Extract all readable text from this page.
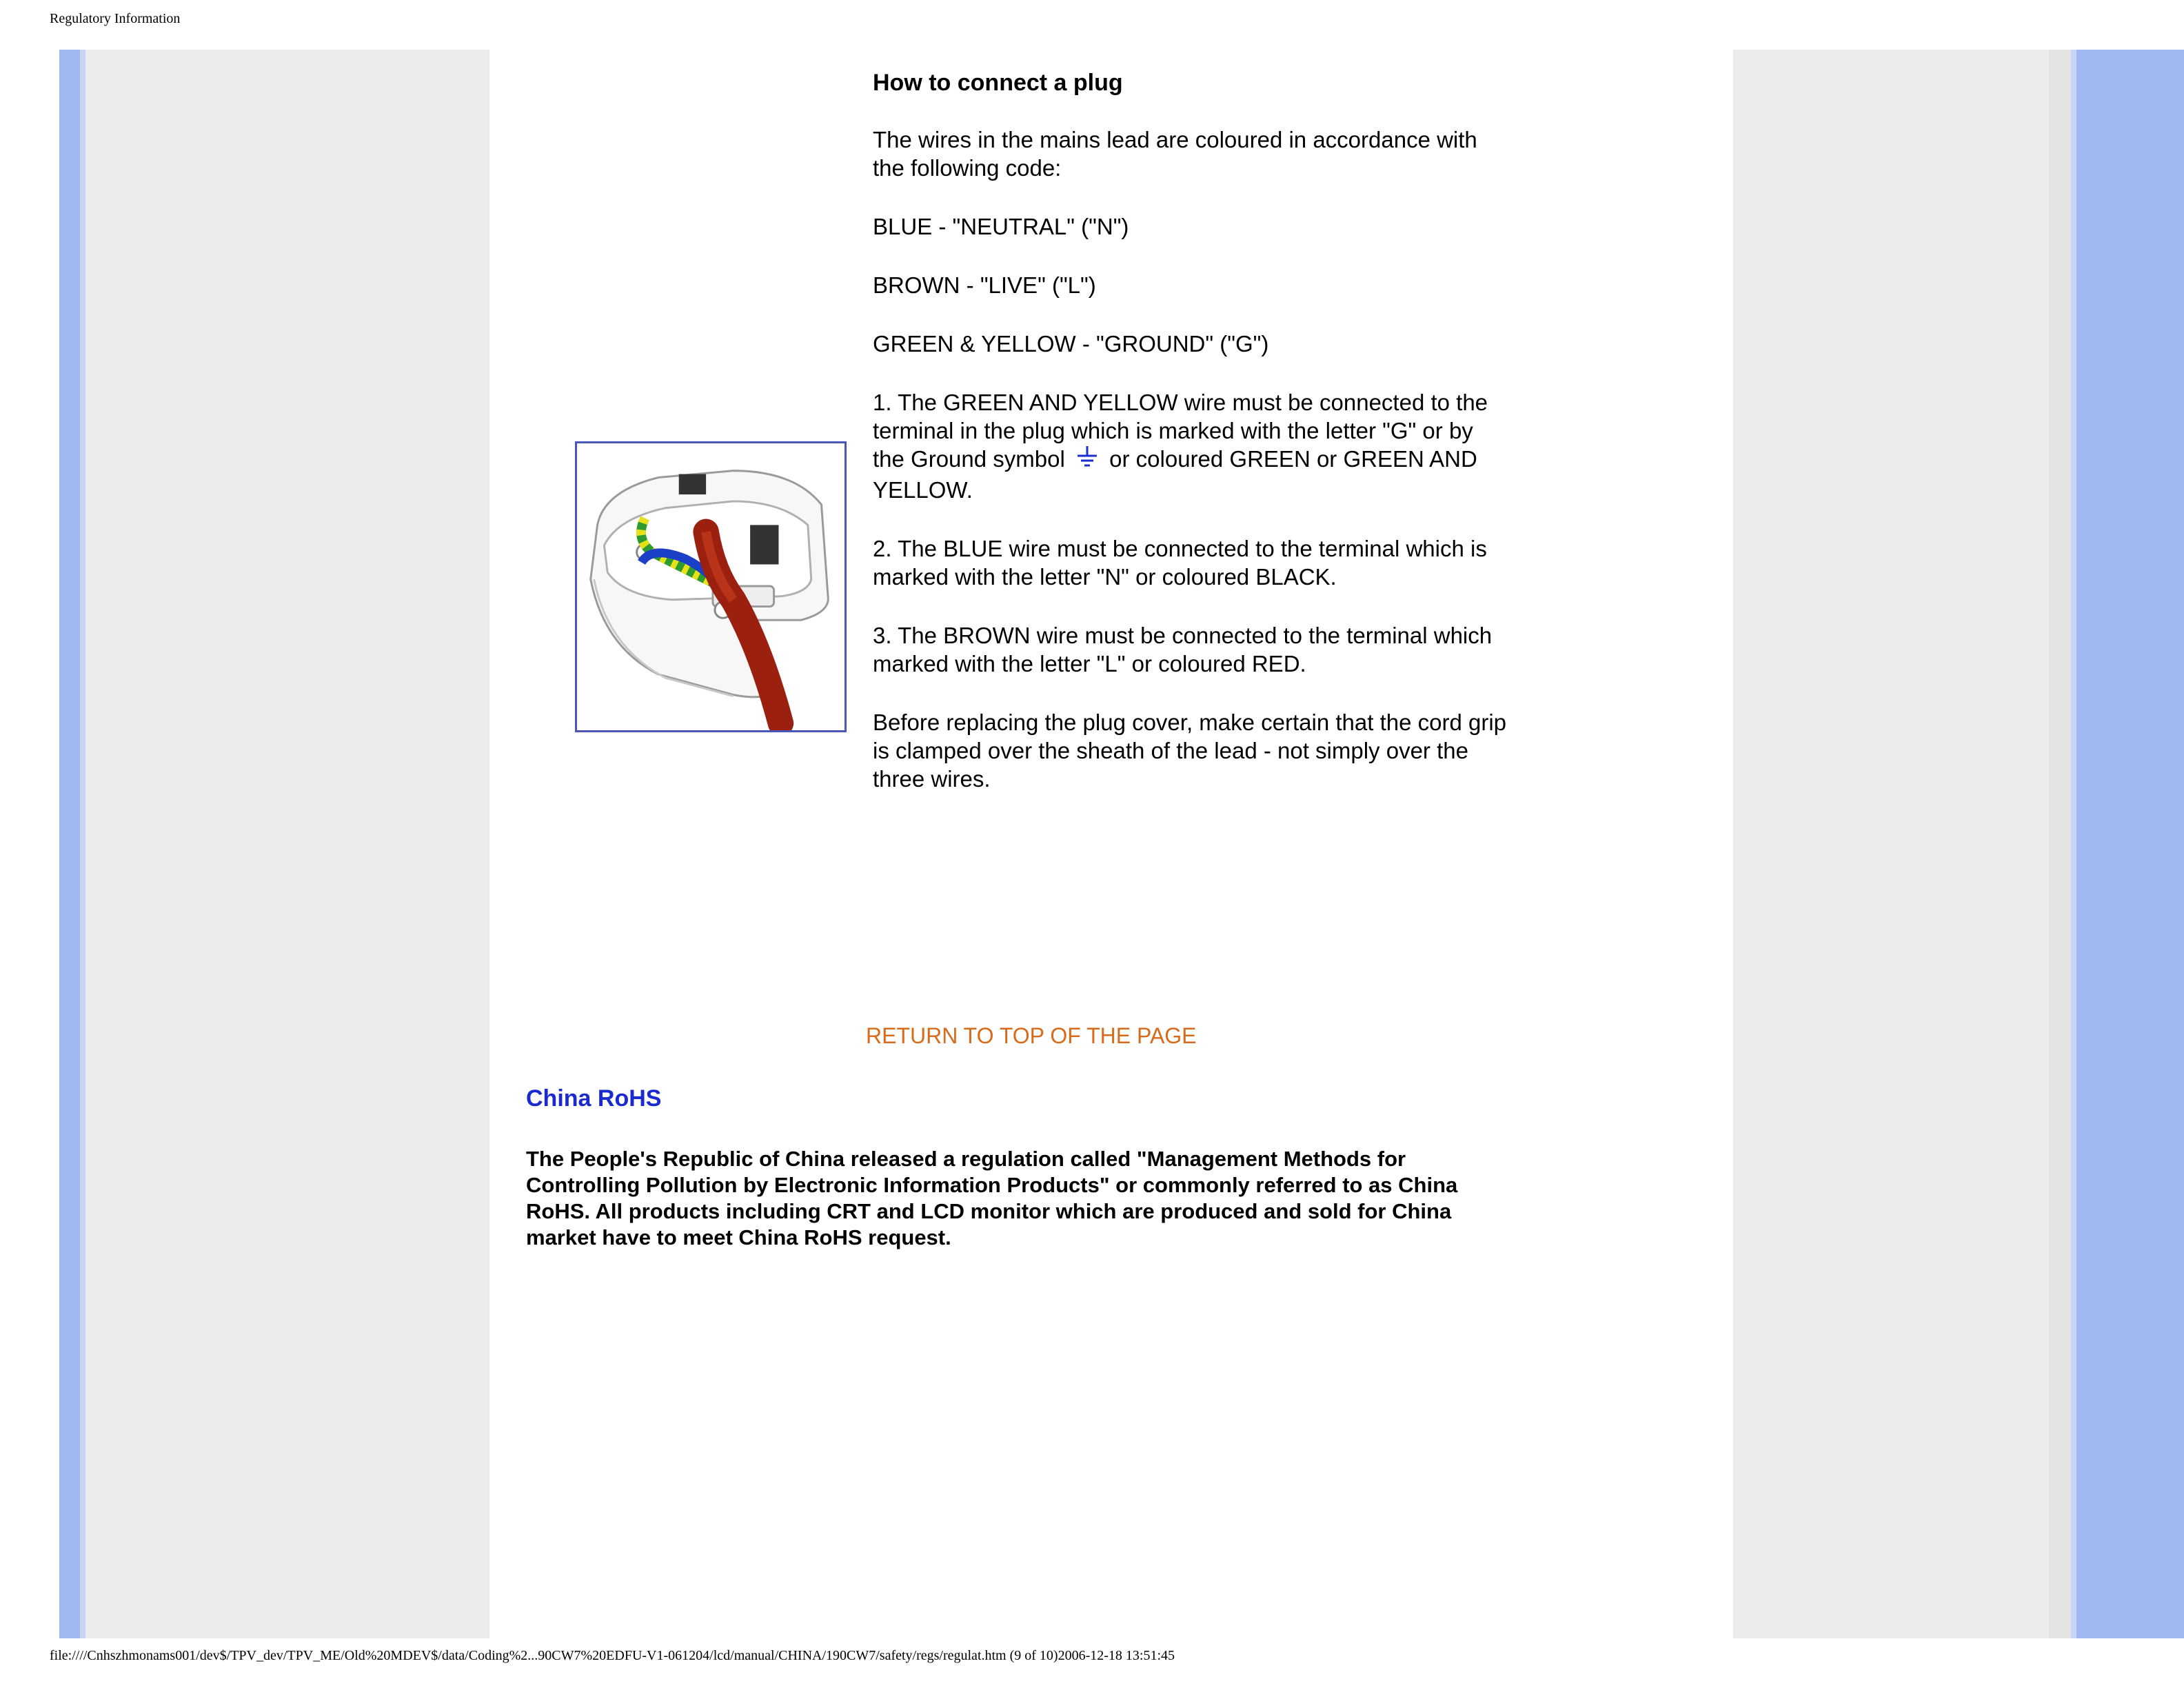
Regulatory Information
How to connect a plug

The wires in the mains lead are coloured in accordance with the following code:

BLUE - "NEUTRAL" ("N")

BROWN - "LIVE" ("L")

GREEN & YELLOW - "GROUND" ("G")

1. The GREEN AND YELLOW wire must be connected to the terminal in the plug which is marked with the letter "G" or by the Ground symbol or coloured GREEN or GREEN AND YELLOW.

2. The BLUE wire must be connected to the terminal which is marked with the letter "N" or coloured BLACK.

3. The BROWN wire must be connected to the terminal which marked with the letter "L" or coloured RED.

Before replacing the plug cover, make certain that the cord grip is clamped over the sheath of the lead - not simply over the three wires.

RETURN TO TOP OF THE PAGE
China RoHS
The People's Republic of China released a regulation called "Management Methods for Controlling Pollution by Electronic Information Products" or commonly referred to as China RoHS. All products including CRT and LCD monitor which are produced and sold for China market have to meet China RoHS request.
file:////Cnhszhmonams001/dev$/TPV_dev/TPV_ME/Old%20MDEV$/data/Coding%2...90CW7%20EDFU-V1-061204/lcd/manual/CHINA/190CW7/safety/regs/regulat.htm (9 of 10)2006-12-18 13:51:45
